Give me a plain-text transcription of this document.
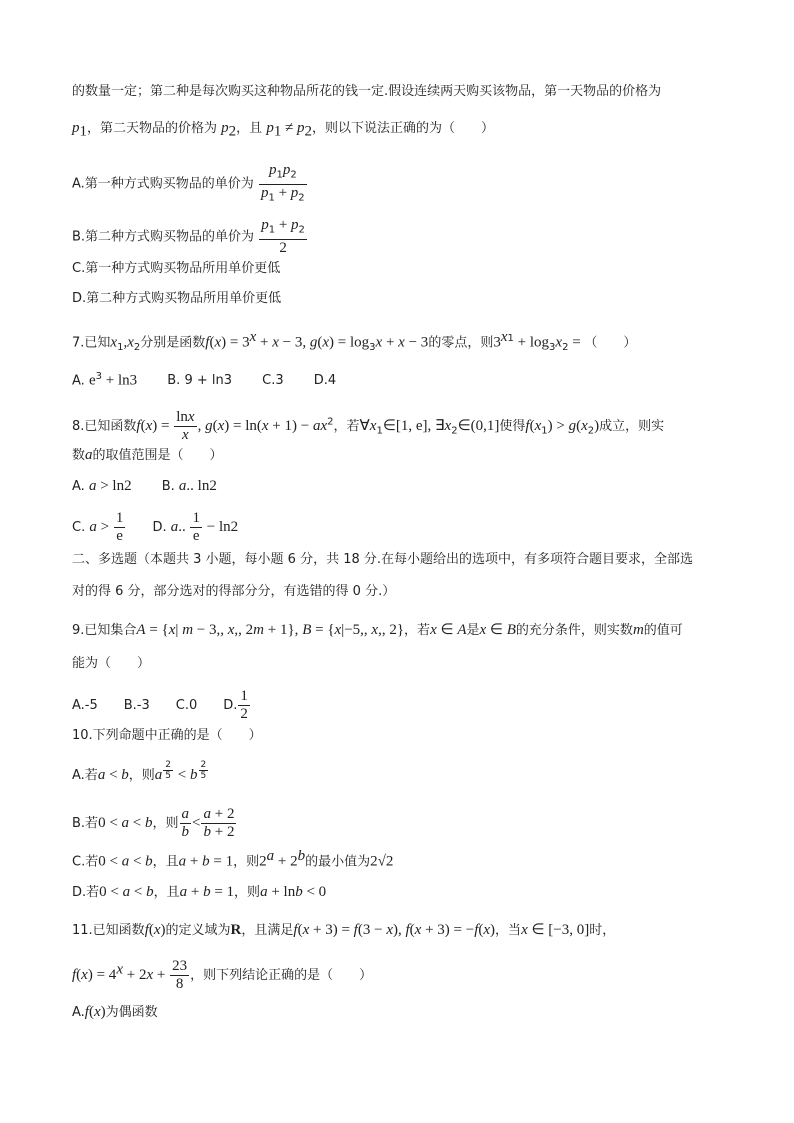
的数量一定；第二种是每次购买这种物品所花的钱一定.假设连续两天购买该物品，第一天物品的价格为
$p_1$，第二天物品的价格为 $p_2$，且 $p_1 \ne p_2$，则以下说法正确的为（　　）
A.第一种方式购买物品的单价为 $\frac{p_1p_2}{p_1 + p_2}$
B.第二种方式购买物品的单价为 $\frac{p_1 + p_2}{2}$
C.第一种方式购买物品所用单价更低
D.第二种方式购买物品所用单价更低
7.已知$x_1,x_2$分别是函数$f(x) = 3^x + x - 3$, $g(x) = \log_3x + x - 3$的零点，则$3^{x1} + \log_3x_2$ = （　　）
A. $e^3 + \ln 3$ B. 9 + ln3 C.3 D.4
8.已知函数$f(x) = \frac{\ln x}{x}$ , $g(x) = \ln(x + 1) - ax^2$，若$\forall x_1\in[1$, e], $\exists x_2\in(0,1]$使得$f(x_1) > g(x_2)$成立，则实
数a的取值范围是（　　）
A. a > ln2 B. a.. ln2
C. $a > \frac{1}{e} D$. a.. $\frac{1}{e} - \ln 2$
二、多选题（本题共 3 小题，每小题 6 分，共 18 分.在每小题给出的选项中，有多项符合题目要求，全部选
对的得 6 分，部分选对的得部分分，有选错的得 0 分.）
9.已知集合A = {x| m − 3,, x,, 2m + 1}, B = {x|−5,, x,, 2}，若x ∈ A是x ∈ B的充分条件，则实数m的值可
能为（　　）
A.-5　　B.-3　　C.0　　D. $\frac{1}{2}$
10.下列命题中正确的是（　　）
A.若a < b，则a $^{\frac{2}{5}}$ < b $^{\frac{2}{5}}$
B.若0 < a < b，则 $\frac{a}{b} < \frac{a + 2}{b + 2}$
C.若0 < a < b，且a + b = 1，则$2^a + 2^b$的最小值为2√2
D.若0 < a < b，且a + b = 1，则a + lnb < 0
11.已知函数f(x)的定义域为R，且满足f(x + 3) = f(3 − x), f(x + 3) = −f(x)，当x ∈ [−3, 0]时，
$f(x) = 4^x + 2x + \frac{23}{8}$ ，则下列结论正确的是（　　）
A.f(x)为偶函数
